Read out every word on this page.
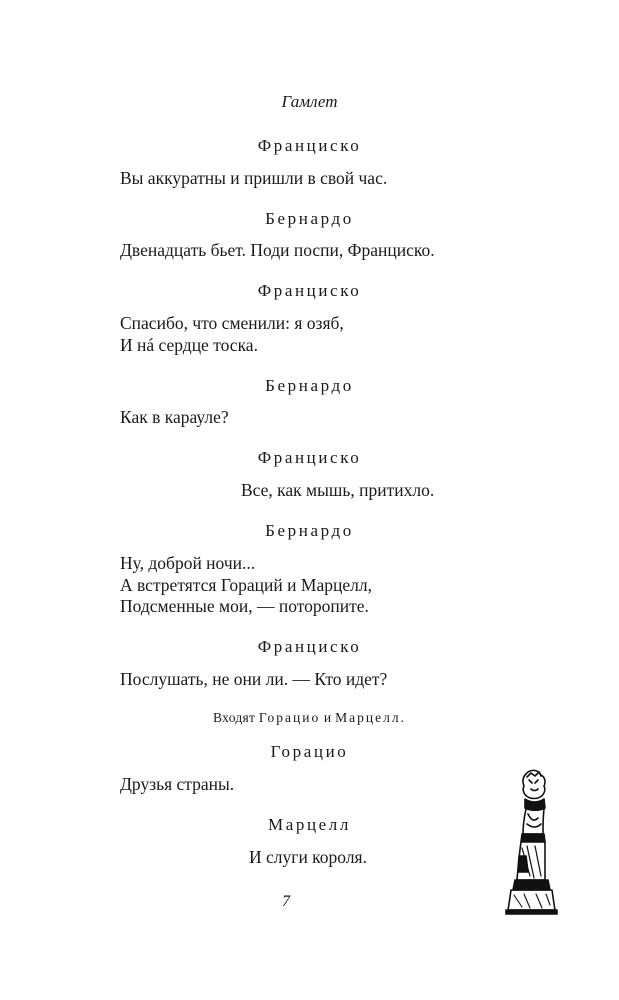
Гамлет
Франциско
Вы аккуратны и пришли в свой час.
Бернардо
Двенадцать бьет. Поди поспи, Франциско.
Франциско
Спасибо, что сменили: я озяб,
И нá сердце тоска.
Бернардо
Как в карауле?
Франциско
Все, как мышь, притихло.
Бернардо
Ну, доброй ночи...
А встретятся Гораций и Марцелл,
Подсменные мои, — поторопите.
Франциско
Послушать, не они ли. — Кто идет?
Входят Горацио и Марцелл.
Горацио
Друзья страны.
Марцелл
И слуги короля.
7
